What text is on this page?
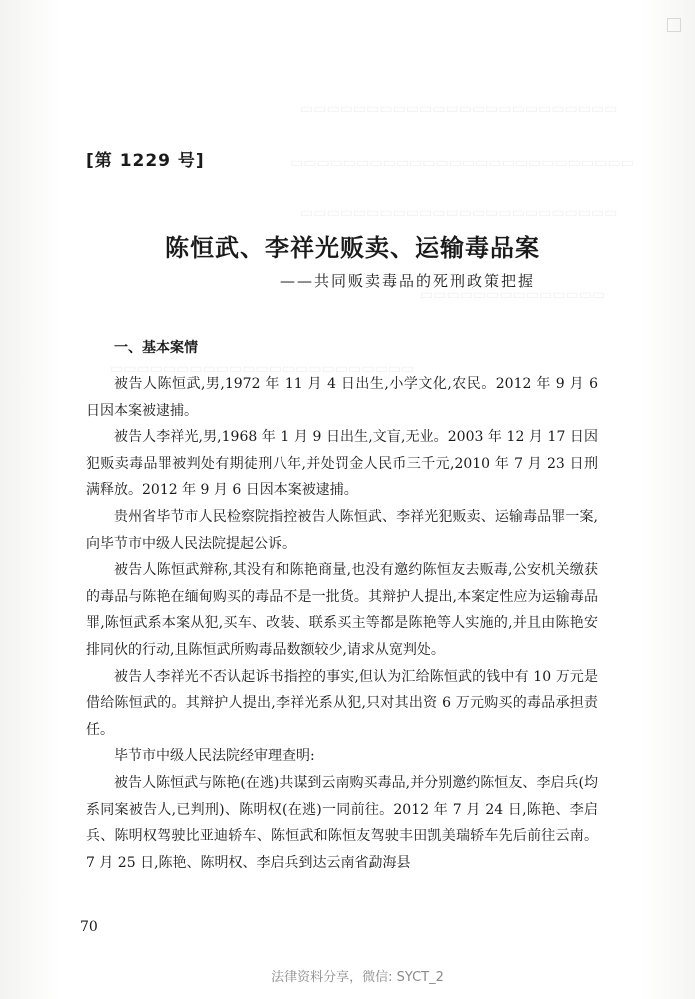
▭▭▭▭▭▭▭▭▭▭▭▭▭▭▭▭▭▭▭▭▭▭▭▭
▭▭▭▭▭▭▭▭▭▭▭▭▭▭▭▭▭▭▭▭▭▭▭▭▭▭
▭▭▭▭▭▭▭▭▭▭▭▭▭▭▭▭▭▭▭▭▭▭▭▭
▭▭▭▭▭▭▭▭▭▭▭▭▭▭
▭▭▭▭▭▭▭▭▭▭▭▭▭▭▭▭▭▭▭▭▭▭▭
[第 1229 号]
陈恒武、李祥光贩卖、运输毒品案
——共同贩卖毒品的死刑政策把握
一、基本案情

被告人陈恒武,男,1972 年 11 月 4 日出生,小学文化,农民。2012 年 9 月 6 日因本案被逮捕。

被告人李祥光,男,1968 年 1 月 9 日出生,文盲,无业。2003 年 12 月 17 日因犯贩卖毒品罪被判处有期徒刑八年,并处罚金人民币三千元,2010 年 7 月 23 日刑满释放。2012 年 9 月 6 日因本案被逮捕。

贵州省毕节市人民检察院指控被告人陈恒武、李祥光犯贩卖、运输毒品罪一案,向毕节市中级人民法院提起公诉。

被告人陈恒武辩称,其没有和陈艳商量,也没有邀约陈恒友去贩毒,公安机关缴获的毒品与陈艳在缅甸购买的毒品不是一批货。其辩护人提出,本案定性应为运输毒品罪,陈恒武系本案从犯,买车、改装、联系买主等都是陈艳等人实施的,并且由陈艳安排同伙的行动,且陈恒武所购毒品数额较少,请求从宽判处。

被告人李祥光不否认起诉书指控的事实,但认为汇给陈恒武的钱中有 10 万元是借给陈恒武的。其辩护人提出,李祥光系从犯,只对其出资 6 万元购买的毒品承担责任。

毕节市中级人民法院经审理查明:

被告人陈恒武与陈艳(在逃)共谋到云南购买毒品,并分别邀约陈恒友、李启兵(均系同案被告人,已判刑)、陈明权(在逃)一同前往。2012 年 7 月 24 日,陈艳、李启兵、陈明权驾驶比亚迪轿车、陈恒武和陈恒友驾驶丰田凯美瑞轿车先后前往云南。7 月 25 日,陈艳、陈明权、李启兵到达云南省勐海县

70
法律资料分享，微信: SYCT_2
